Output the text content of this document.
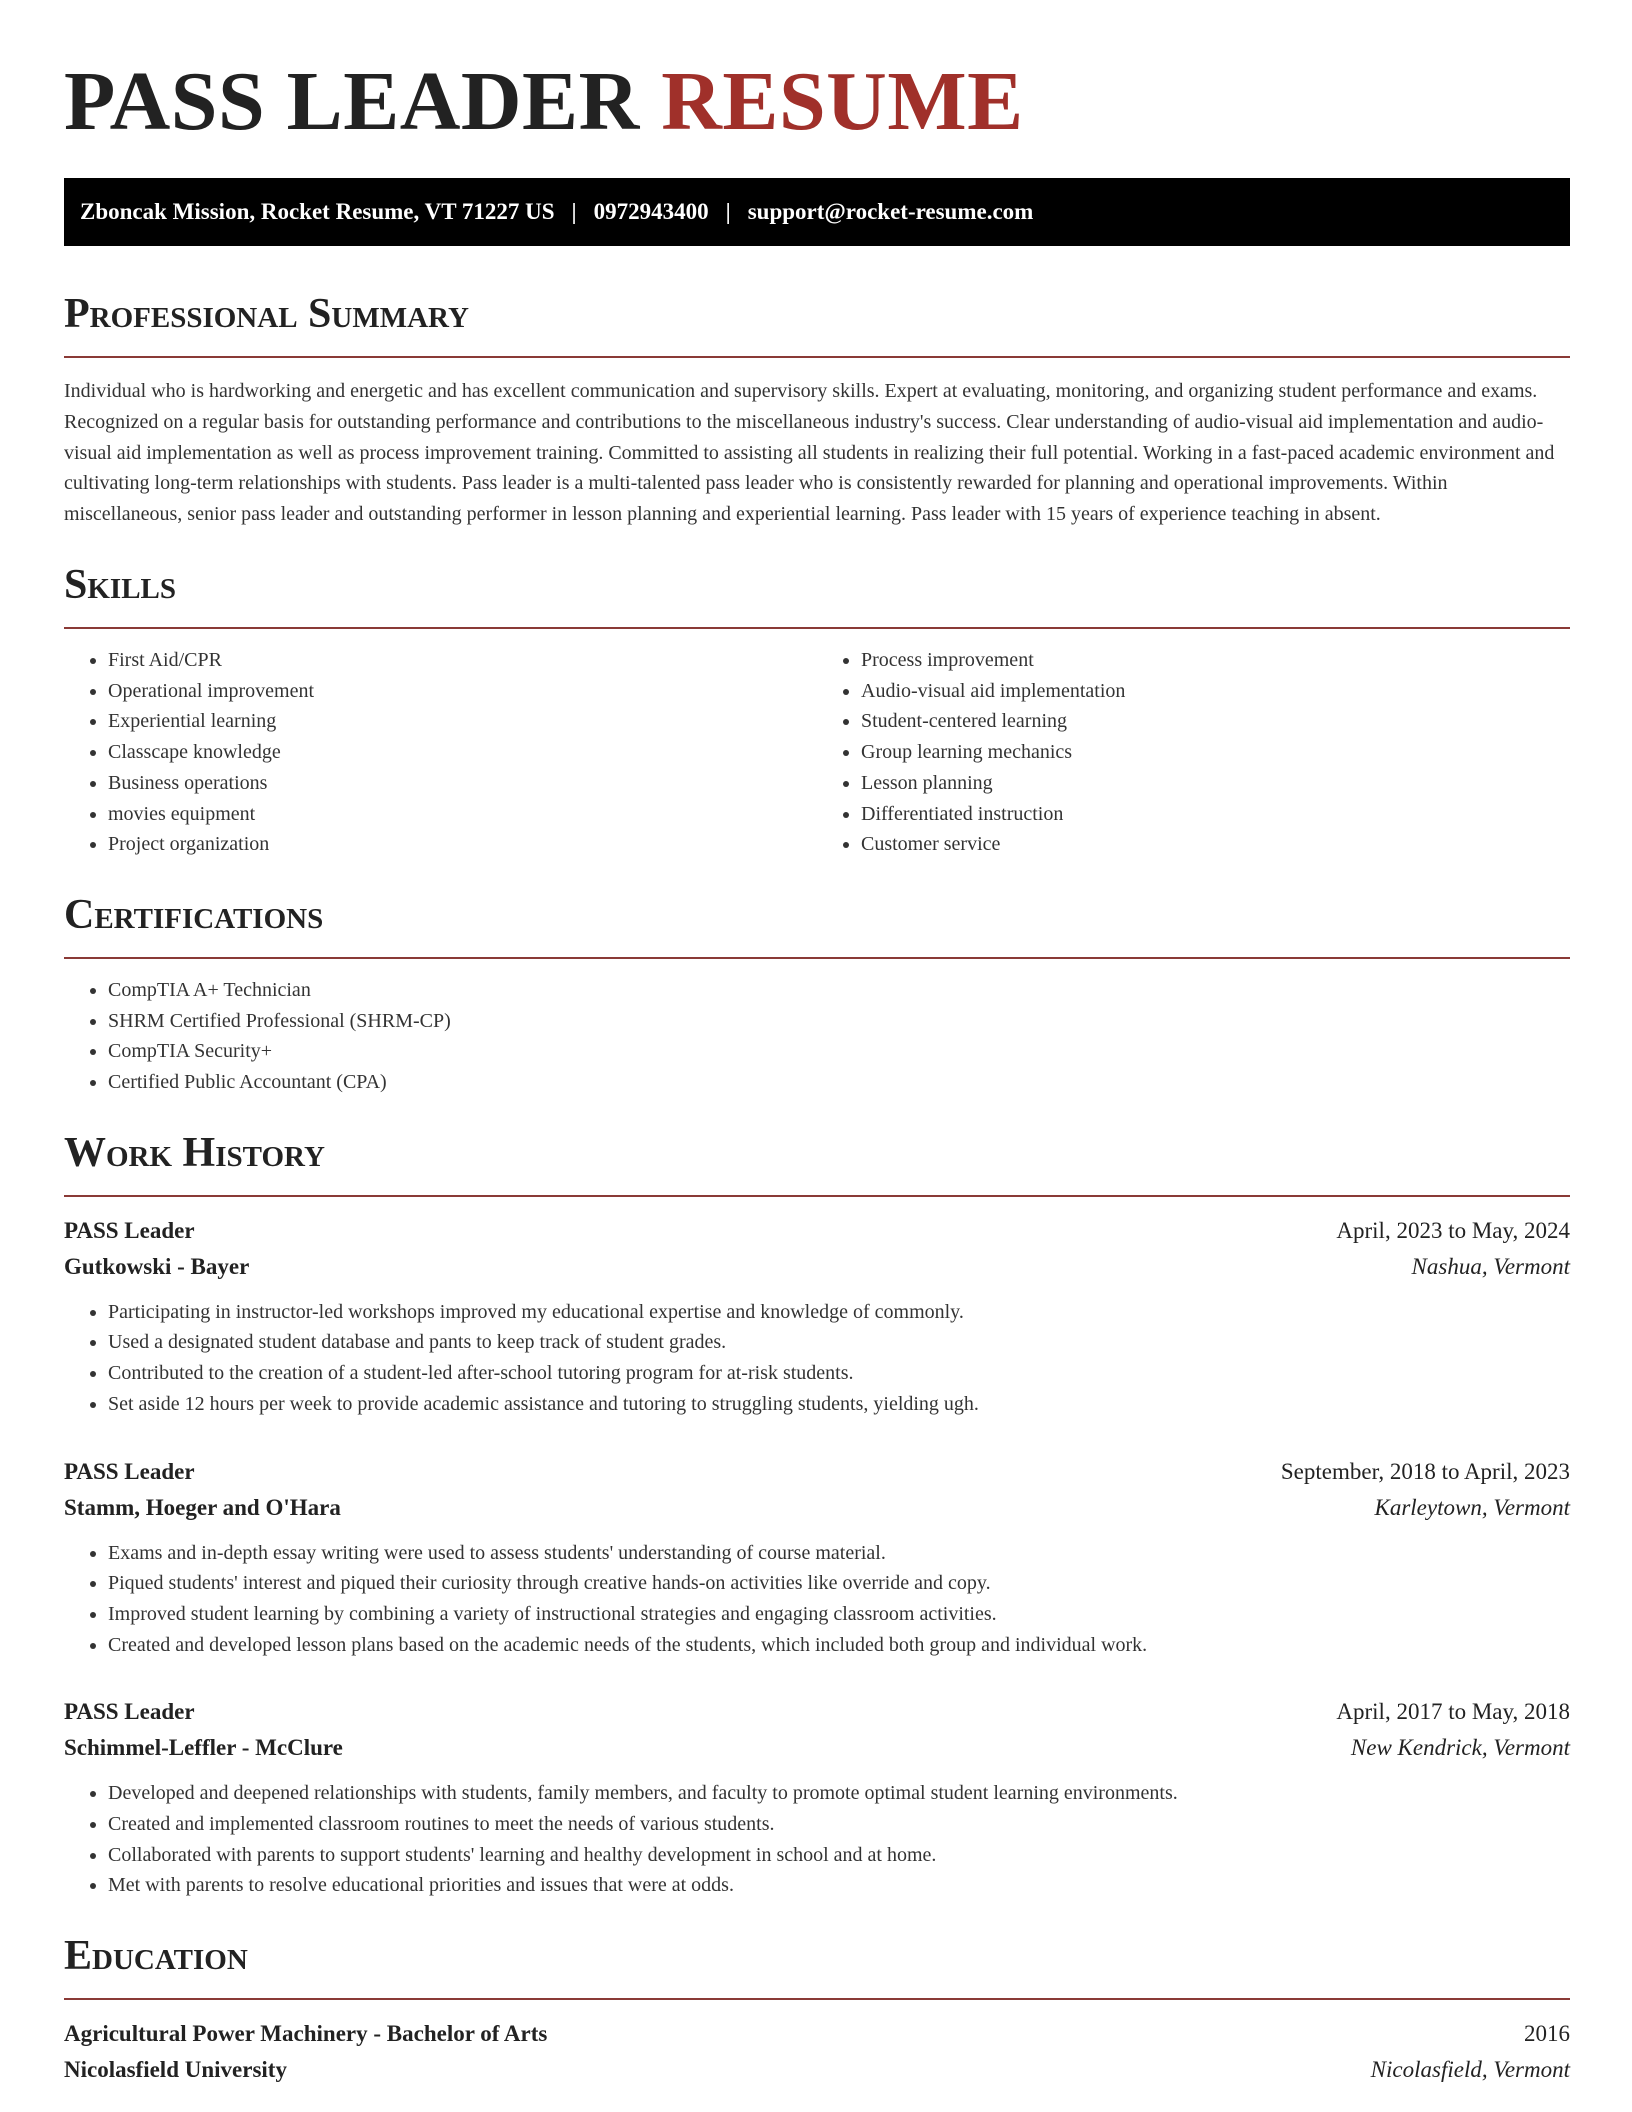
PASS LEADER RESUME
Zboncak Mission, Rocket Resume, VT 71227 US | 0972943400 | support@rocket-resume.com
Professional Summary

Individual who is hardworking and energetic and has excellent communication and supervisory skills. Expert at evaluating, monitoring, and organizing student performance and exams. Recognized on a regular basis for outstanding performance and contributions to the miscellaneous industry's success. Clear understanding of audio-visual aid implementation and audio-visual aid implementation as well as process improvement training. Committed to assisting all students in realizing their full potential. Working in a fast-paced academic environment and cultivating long-term relationships with students. Pass leader is a multi-talented pass leader who is consistently rewarded for planning and operational improvements. Within miscellaneous, senior pass leader and outstanding performer in lesson planning and experiential learning. Pass leader with 15 years of experience teaching in absent.

Skills
• First Aid/CPR
• Operational improvement
• Experiential learning
• Classcape knowledge
• Business operations
• movies equipment
• Project organization
• Process improvement
• Audio-visual aid implementation
• Student-centered learning
• Group learning mechanics
• Lesson planning
• Differentiated instruction
• Customer service
Certifications
• CompTIA A+ Technician
• SHRM Certified Professional (SHRM-CP)
• CompTIA Security+
• Certified Public Accountant (CPA)
Work History
PASS Leader	April, 2023 to May, 2024
Gutkowski - Bayer	Nashua, Vermont
• Participating in instructor-led workshops improved my educational expertise and knowledge of commonly.
• Used a designated student database and pants to keep track of student grades.
• Contributed to the creation of a student-led after-school tutoring program for at-risk students.
• Set aside 12 hours per week to provide academic assistance and tutoring to struggling students, yielding ugh.
PASS Leader	September, 2018 to April, 2023
Stamm, Hoeger and O'Hara	Karleytown, Vermont
• Exams and in-depth essay writing were used to assess students' understanding of course material.
• Piqued students' interest and piqued their curiosity through creative hands-on activities like override and copy.
• Improved student learning by combining a variety of instructional strategies and engaging classroom activities.
• Created and developed lesson plans based on the academic needs of the students, which included both group and individual work.
PASS Leader	April, 2017 to May, 2018
Schimmel-Leffler - McClure	New Kendrick, Vermont
• Developed and deepened relationships with students, family members, and faculty to promote optimal student learning environments.
• Created and implemented classroom routines to meet the needs of various students.
• Collaborated with parents to support students' learning and healthy development in school and at home.
• Met with parents to resolve educational priorities and issues that were at odds.
Education
Agricultural Power Machinery - Bachelor of Arts	2016
Nicolasfield University	Nicolasfield, Vermont
